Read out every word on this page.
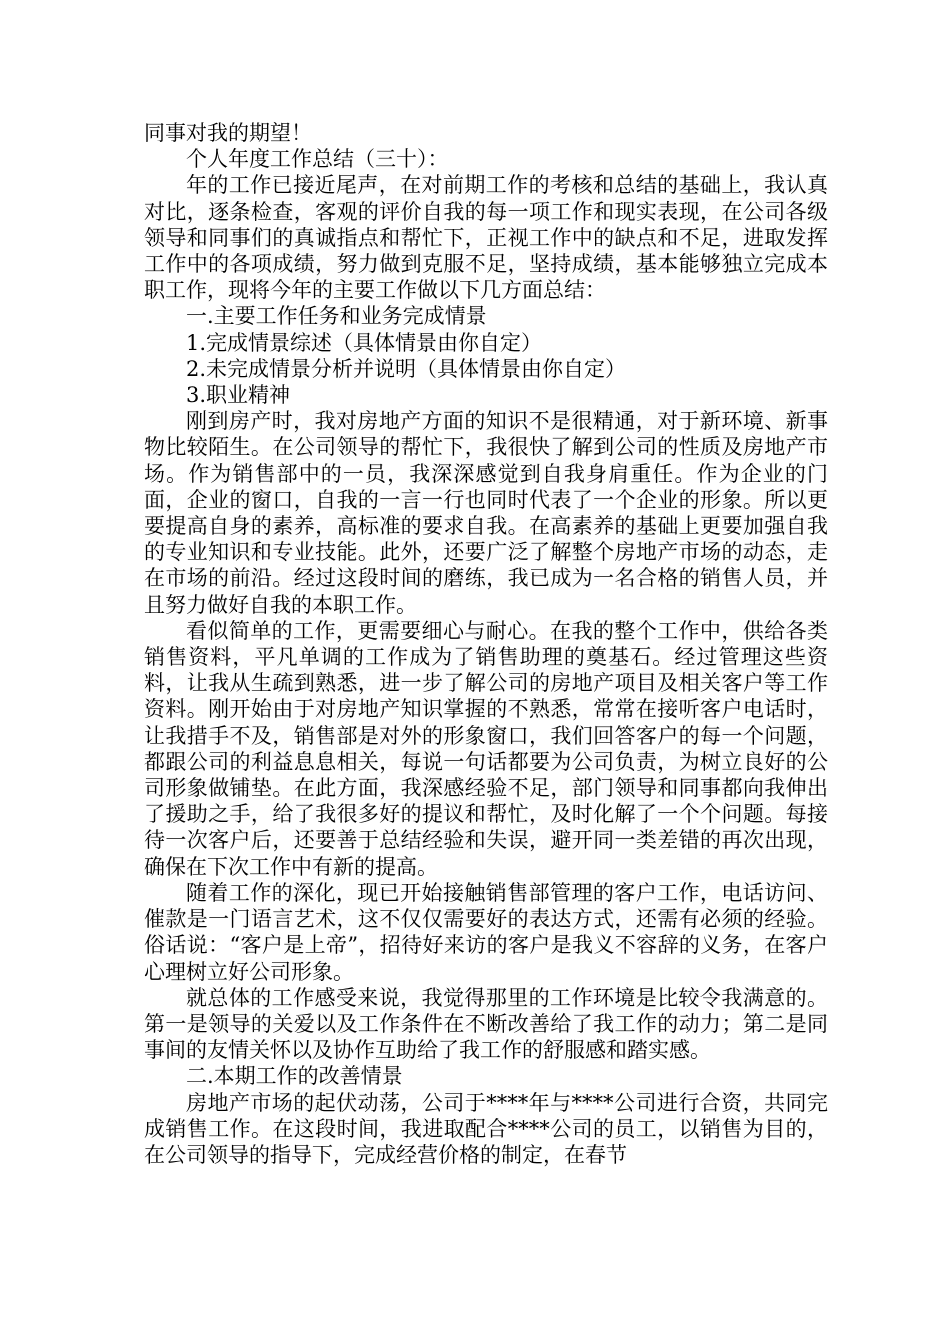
同事对我的期望！

个人年度工作总结（三十）：

年的工作已接近尾声，在对前期工作的考核和总结的基础上，我认真对比，逐条检查，客观的评价自我的每一项工作和现实表现，在公司各级领导和同事们的真诚指点和帮忙下，正视工作中的缺点和不足，进取发挥工作中的各项成绩，努力做到克服不足，坚持成绩，基本能够独立完成本职工作，现将今年的主要工作做以下几方面总结：

一.主要工作任务和业务完成情景

1.完成情景综述（具体情景由你自定）

2.未完成情景分析并说明（具体情景由你自定）

3.职业精神

刚到房产时，我对房地产方面的知识不是很精通，对于新环境、新事物比较陌生。在公司领导的帮忙下，我很快了解到公司的性质及房地产市场。作为销售部中的一员，我深深感觉到自我身肩重任。作为企业的门面，企业的窗口，自我的一言一行也同时代表了一个企业的形象。所以更要提高自身的素养，高标准的要求自我。在高素养的基础上更要加强自我的专业知识和专业技能。此外，还要广泛了解整个房地产市场的动态，走在市场的前沿。经过这段时间的磨练，我已成为一名合格的销售人员，并且努力做好自我的本职工作。

看似简单的工作，更需要细心与耐心。在我的整个工作中，供给各类销售资料，平凡单调的工作成为了销售助理的奠基石。经过管理这些资料，让我从生疏到熟悉，进一步了解公司的房地产项目及相关客户等工作资料。刚开始由于对房地产知识掌握的不熟悉，常常在接听客户电话时，让我措手不及，销售部是对外的形象窗口，我们回答客户的每一个问题，都跟公司的利益息息相关，每说一句话都要为公司负责，为树立良好的公司形象做铺垫。在此方面，我深感经验不足，部门领导和同事都向我伸出了援助之手，给了我很多好的提议和帮忙，及时化解了一个个问题。每接待一次客户后，还要善于总结经验和失误，避开同一类差错的再次出现，确保在下次工作中有新的提高。

随着工作的深化，现已开始接触销售部管理的客户工作，电话访问、催款是一门语言艺术，这不仅仅需要好的表达方式，还需有必须的经验。俗话说：“客户是上帝”，招待好来访的客户是我义不容辞的义务，在客户心理树立好公司形象。

就总体的工作感受来说，我觉得那里的工作环境是比较令我满意的。第一是领导的关爱以及工作条件在不断改善给了我工作的动力；第二是同事间的友情关怀以及协作互助给了我工作的舒服感和踏实感。

二.本期工作的改善情景

房地产市场的起伏动荡，公司于****年与****公司进行合资，共同完成销售工作。在这段时间，我进取配合****公司的员工，以销售为目的，在公司领导的指导下，完成经营价格的制定，在春节
